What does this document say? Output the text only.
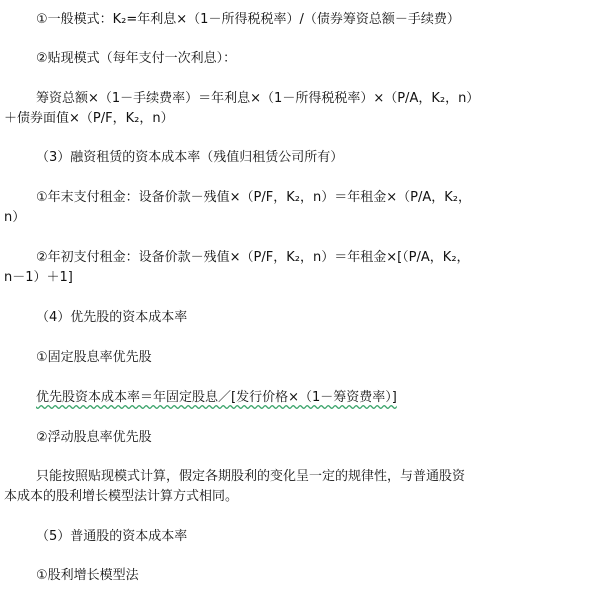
①一般模式：K₂=年利息×（1－所得税税率）/（债券筹资总额－手续费）
②贴现模式（每年支付一次利息）：
筹资总额×（1－手续费率）＝年利息×（1－所得税税率）×（P/A，K₂，n）
＋债券面值×（P/F，K₂，n）
（3）融资租赁的资本成本率（残值归租赁公司所有）
①年末支付租金：设备价款－残值×（P/F，K₂，n）＝年租金×（P/A，K₂，
n）
②年初支付租金：设备价款－残值×（P/F，K₂，n）＝年租金×[（P/A，K₂，
n－1）＋1]
（4）优先股的资本成本率
①固定股息率优先股
优先股资本成本率＝年固定股息／[发行价格×（1－筹资费率）]
②浮动股息率优先股
只能按照贴现模式计算，假定各期股利的变化呈一定的规律性，与普通股资
本成本的股利增长模型法计算方式相同。
（5）普通股的资本成本率
①股利增长模型法
